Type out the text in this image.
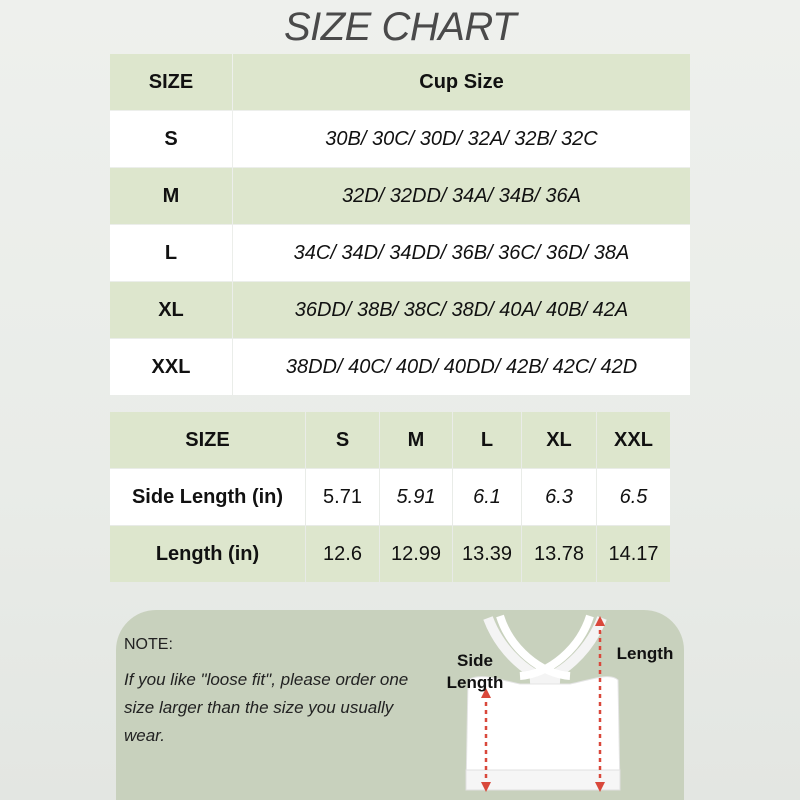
SIZE CHART
SIZE	Cup Size
S	30B/ 30C/ 30D/ 32A/ 32B/ 32C
M	32D/ 32DD/ 34A/ 34B/ 36A
L	34C/ 34D/ 34DD/ 36B/ 36C/ 36D/ 38A
XL	36DD/ 38B/ 38C/ 38D/ 40A/ 40B/ 42A
XXL	38DD/ 40C/ 40D/ 40DD/ 42B/ 42C/ 42D
SIZE	S	M	L	XL	XXL
Side Length (in)	5.71	5.91	6.1	6.3	6.5
Length (in)	12.6	12.99	13.39	13.78	14.17
NOTE:
If you like "loose fit", please order one size larger than the size you usually wear.
Side
Length
Length
